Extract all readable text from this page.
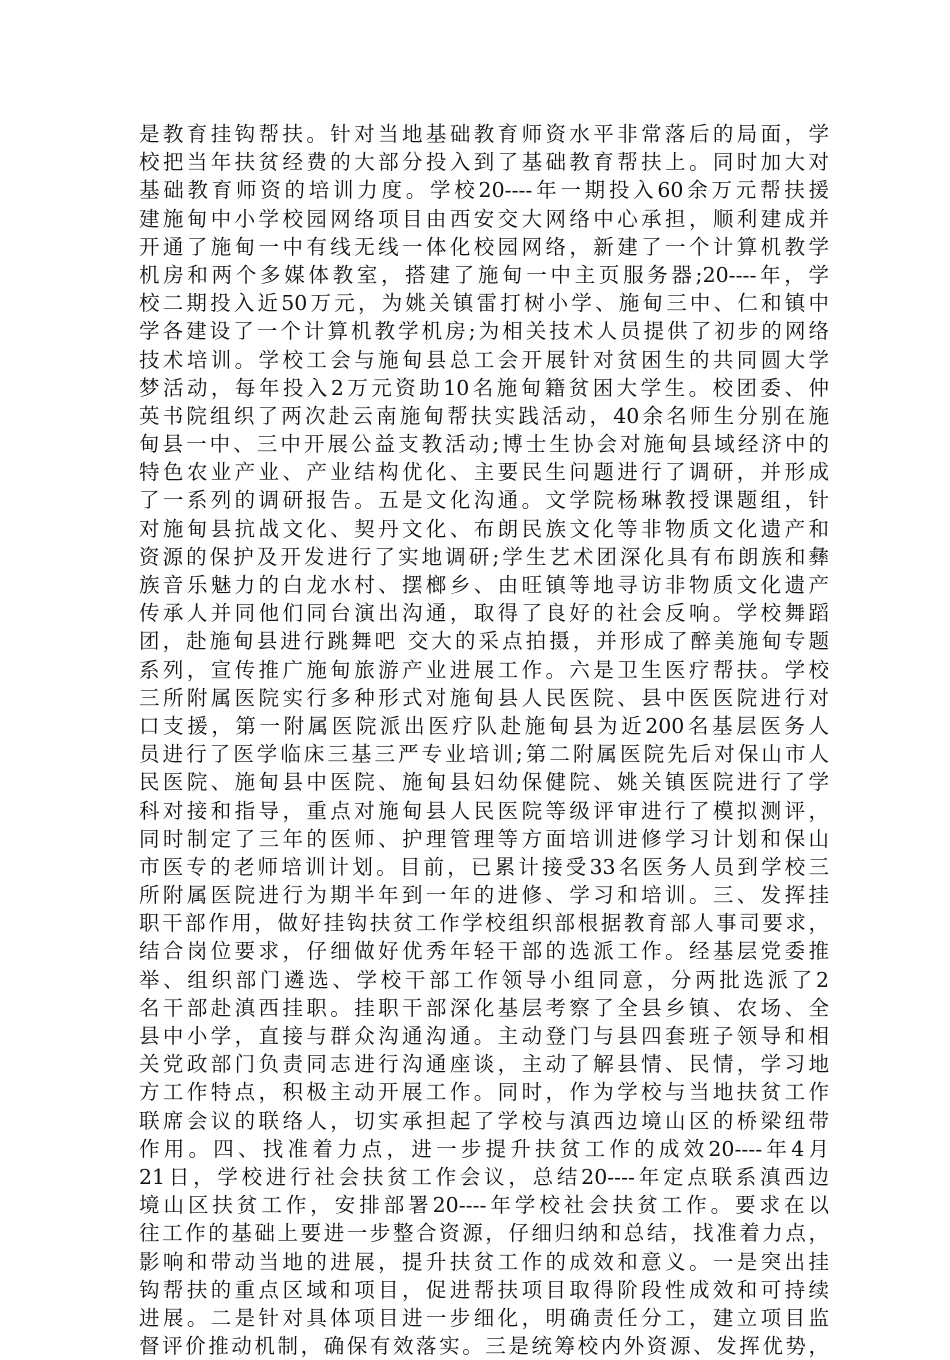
是教育挂钩帮扶。针对当地基础教育师资水平非常落后的局面，学
校把当年扶贫经费的大部分投入到了基础教育帮扶上。同时加大对
基础教育师资的培训力度。学校20----年一期投入60余万元帮扶援
建施甸中小学校园网络项目由西安交大网络中心承担，顺利建成并
开通了施甸一中有线无线一体化校园网络，新建了一个计算机教学
机房和两个多媒体教室，搭建了施甸一中主页服务器;20----年，学
校二期投入近50万元，为姚关镇雷打树小学、施甸三中、仁和镇中
学各建设了一个计算机教学机房;为相关技术人员提供了初步的网络
技术培训。学校工会与施甸县总工会开展针对贫困生的共同圆大学
梦活动，每年投入2万元资助10名施甸籍贫困大学生。校团委、仲
英书院组织了两次赴云南施甸帮扶实践活动，40余名师生分别在施
甸县一中、三中开展公益支教活动;博士生协会对施甸县域经济中的
特色农业产业、产业结构优化、主要民生问题进行了调研，并形成
了一系列的调研报告。五是文化沟通。文学院杨琳教授课题组，针
对施甸县抗战文化、契丹文化、布朗民族文化等非物质文化遗产和
资源的保护及开发进行了实地调研;学生艺术团深化具有布朗族和彝
族音乐魅力的白龙水村、摆榔乡、由旺镇等地寻访非物质文化遗产
传承人并同他们同台演出沟通，取得了良好的社会反响。学校舞蹈
团，赴施甸县进行跳舞吧 交大的采点拍摄，并形成了醉美施甸专题
系列，宣传推广施甸旅游产业进展工作。六是卫生医疗帮扶。学校
三所附属医院实行多种形式对施甸县人民医院、县中医医院进行对
口支援，第一附属医院派出医疗队赴施甸县为近200名基层医务人
员进行了医学临床三基三严专业培训;第二附属医院先后对保山市人
民医院、施甸县中医院、施甸县妇幼保健院、姚关镇医院进行了学
科对接和指导，重点对施甸县人民医院等级评审进行了模拟测评，
同时制定了三年的医师、护理管理等方面培训进修学习计划和保山
市医专的老师培训计划。目前，已累计接受33名医务人员到学校三
所附属医院进行为期半年到一年的进修、学习和培训。三、发挥挂
职干部作用，做好挂钩扶贫工作学校组织部根据教育部人事司要求，
结合岗位要求，仔细做好优秀年轻干部的选派工作。经基层党委推
举、组织部门遴选、学校干部工作领导小组同意，分两批选派了2
名干部赴滇西挂职。挂职干部深化基层考察了全县乡镇、农场、全
县中小学，直接与群众沟通沟通。主动登门与县四套班子领导和相
关党政部门负责同志进行沟通座谈，主动了解县情、民情，学习地
方工作特点，积极主动开展工作。同时，作为学校与当地扶贫工作
联席会议的联络人，切实承担起了学校与滇西边境山区的桥梁纽带
作用。四、找准着力点，进一步提升扶贫工作的成效20----年4月
21日，学校进行社会扶贫工作会议，总结20----年定点联系滇西边
境山区扶贫工作，安排部署20----年学校社会扶贫工作。要求在以
往工作的基础上要进一步整合资源，仔细归纳和总结，找准着力点，
影响和带动当地的进展，提升扶贫工作的成效和意义。一是突出挂
钩帮扶的重点区域和项目，促进帮扶项目取得阶段性成效和可持续
进展。二是针对具体项目进一步细化，明确责任分工，建立项目监
督评价推动机制，确保有效落实。三是统筹校内外资源、发挥优势，
